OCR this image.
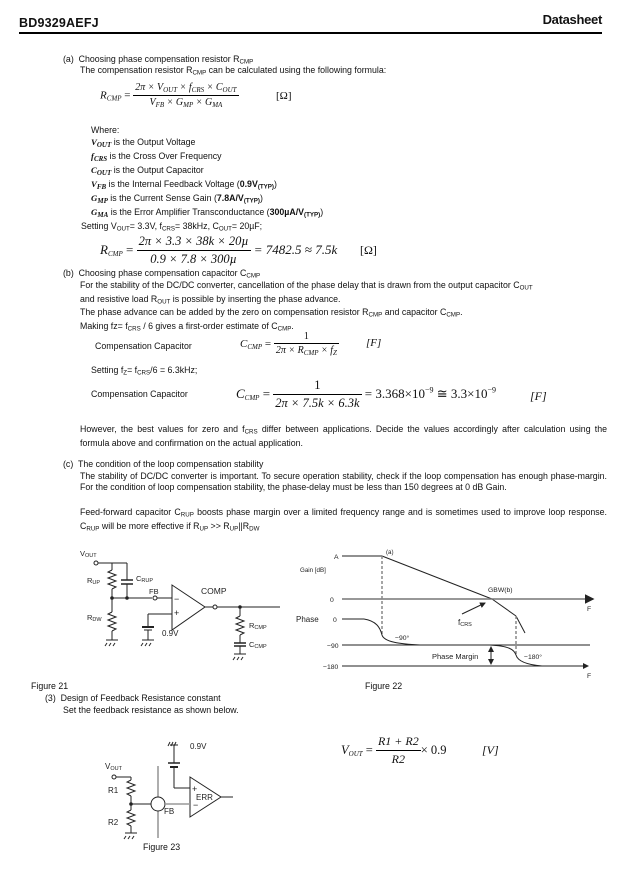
BD9329AEFJ	Datasheet
(a) Choosing phase compensation resistor $R_{CMP}$
The compensation resistor $R_{CMP}$ can be calculated using the following formula:
RCMP = $\frac{2\pi \times V_{OUT} \times f_{CRS} \times C_{OUT}}{V_{FB} \times G_{MP} \times G_{MA}}$	[Ω]
Where:
$V_{OUT}$ is the Output Voltage
$f_{CRS}$ is the Cross Over Frequency
$C_{OUT}$ is the Output Capacitor
$V_{FB}$ is the Internal Feedback Voltage (0.9V(TYP))
$G_{MP}$ is the Current Sense Gain (7.8A/V(TYP))
$G_{MA}$ is the Error Amplifier Transconductance (300µA/V(TYP))
Setting $V_{OUT}= 3.3V$, $f_{CRS}= 38kHz$, $C_{OUT}= 20\mu F$;
RCMP = $\frac{\text{2π × 3.3 × 38k × 20µ}}{\text{0.9 × 7.8 × 300µ}} = 7482.5 \approx 7.5k$ [Ω]
(b) Choosing phase compensation capacitor $C_{CMP}$
For the stability of the DC/DC converter, cancellation of the phase delay that is drawn from the output capacitor $C_{OUT}$
and resistive load $R_{OUT}$ is possible by inserting the phase advance.
The phase advance can be added by the zero on compensation resistor $R_{CMP}$ and capacitor $C_{CMP}$.
Making $fz= f_{CRS} / 6$ gives a first-order estimate of $C_{CMP}$.
Compensation Capacitor	CCMP = $\frac{1}{2\pi \times R_{CMP} \times f_Z} [F]$
Setting $f_Z= f_{CRS}/6 = 6.3kHz$;
Compensation Capacitor	CCMP = $\frac{1}{2\pi \times 7.5k \times 6.3k} = 3.368\times 10^{-9}$ ≅ $3.3\times 10^{-9}$	[F]
However, the best values for zero and $f_{CRS}$ differ between applications. Decide the values accordingly after calculation using the formula above and confirmation on the actual application.
(c) The condition of the loop compensation stability
The stability of DC/DC converter is important. To secure operation stability, check if the loop compensation has enough phase-margin. For the condition of loop compensation stability, the phase-delay must be less than 150 degrees at 0 dB Gain.
Feed-forward capacitor $C_{RUP}$ boosts phase margin over a limited frequency range and is sometimes used to improve loop response. $C_{RUP}$ will be more effective if $R_{UP} >> R_{UP}||R_{DW}$
VOUT
RUP	CRUP
FB	COMP
RDW
−
+
0.9V
RCMP
CCMP
A
(a)
Gain [dB]
0
GBW(b)
F
fCRS
Phase 0
−90
−180
−90°
−180°
Phase Margin
F
Figure 21	Figure 22
(3) Design of Feedback Resistance constant
Set the feedback resistance as shown below.
0.9V
VOUT
R1
R2
FB
+
ERR
−
Figure 23
VOUT = $\frac{R1 + R2}{R2} \times 0.9$	[V]
